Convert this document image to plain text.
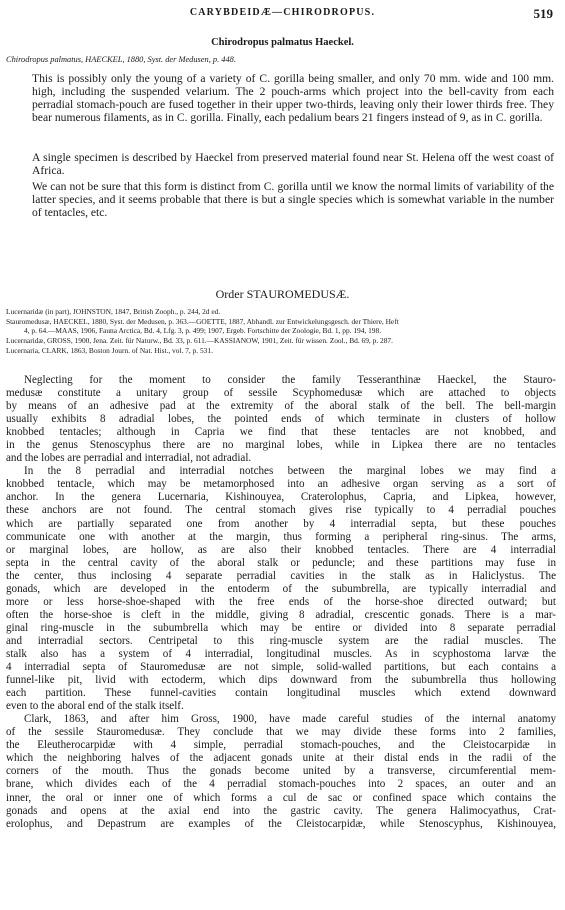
CARYBDEIDÆ—CHIRODROPUS.	519
Chirodropus palmatus Haeckel.
Chirodropus palmatus, HAECKEL, 1880, Syst. der Medusen, p. 448.
This is possibly only the young of a variety of C. gorilla being smaller, and only 70 mm. wide and 100 mm. high, including the suspended velarium. The 2 pouch-arms which project into the bell-cavity from each perradial stomach-pouch are fused together in their upper two-thirds, leaving only their lower thirds free. They bear numerous filaments, as in C. gorilla. Finally, each pedalium bears 21 fingers instead of 9, as in C. gorilla.
A single specimen is described by Haeckel from preserved material found near St. Helena off the west coast of Africa.
We can not be sure that this form is distinct from C. gorilla until we know the normal limits of variability of the latter species, and it seems probable that there is but a single species which is somewhat variable in the number of tentacles, etc.
Order STAUROMEDUSÆ.
Lucernaridæ (in part), JOHNSTON, 1847, British Zooph., p. 244, 2d ed.
Stauromedusæ, HAECKEL, 1880, Syst. der Medusen, p. 363.—GOETTE, 1887, Abhandl. zur Entwickelungsgesch. der Thiere, Heft
4, p. 64.—MAAS, 1906, Fauna Arctica, Bd. 4, Lfg. 3, p. 499; 1907, Ergeb. Fortschitte der Zoologie, Bd. 1, pp. 194, 198.
Lucernaridæ, GROSS, 1900, Jena. Zeit. für Naturw., Bd. 33, p. 611.—KASSIANOW, 1901, Zeit. für wissen. Zool., Bd. 69, p. 287.
Lucernaria, CLARK, 1863, Boston Journ. of Nat. Hist., vol. 7, p. 531.
Neglecting for the moment to consider the family Tesseranthinæ Haeckel, the Stauro-
medusæ constitute a unitary group of sessile Scyphomedusæ which are attached to objects
by means of an adhesive pad at the extremity of the aboral stalk of the bell. The bell-margin
usually exhibits 8 adradial lobes, the pointed ends of which terminate in clusters of hollow
knobbed tentacles; although in Capria we find that these tentacles are not knobbed, and
in the genus Stenoscyphus there are no marginal lobes, while in Lipkea there are no tentacles
and the lobes are perradial and interradial, not adradial.
In the 8 perradial and interradial notches between the marginal lobes we may find a
knobbed tentacle, which may be metamorphosed into an adhesive organ serving as a sort of
anchor. In the genera Lucernaria, Kishinouyea, Craterolophus, Capria, and Lipkea, however,
these anchors are not found. The central stomach gives rise typically to 4 perradial pouches
which are partially separated one from another by 4 interradial septa, but these pouches
communicate one with another at the margin, thus forming a peripheral ring-sinus. The arms,
or marginal lobes, are hollow, as are also their knobbed tentacles. There are 4 interradial
septa in the central cavity of the aboral stalk or peduncle; and these partitions may fuse in
the center, thus inclosing 4 separate perradial cavities in the stalk as in Haliclystus. The
gonads, which are developed in the entoderm of the subumbrella, are typically interradial and
more or less horse-shoe-shaped with the free ends of the horse-shoe directed outward; but
often the horse-shoe is cleft in the middle, giving 8 adradial, crescentic gonads. There is a mar-
ginal ring-muscle in the subumbrella which may be entire or divided into 8 separate perradial
and interradial sectors. Centripetal to this ring-muscle system are the radial muscles. The
stalk also has a system of 4 interradial, longitudinal muscles. As in scyphostoma larvæ the
4 interradial septa of Stauromedusæ are not simple, solid-walled partitions, but each contains a
funnel-like pit, livid with ectoderm, which dips downward from the subumbrella thus hollowing
each partition. These funnel-cavities contain longitudinal muscles which extend downward
even to the aboral end of the stalk itself.
Clark, 1863, and after him Gross, 1900, have made careful studies of the internal anatomy
of the sessile Stauromedusæ. They conclude that we may divide these forms into 2 families,
the Eleutherocarpidæ with 4 simple, perradial stomach-pouches, and the Cleistocarpidæ in
which the neighboring halves of the adjacent gonads unite at their distal ends in the radii of the
corners of the mouth. Thus the gonads become united by a transverse, circumferential mem-
brane, which divides each of the 4 perradial stomach-pouches into 2 spaces, an outer and an
inner, the oral or inner one of which forms a cul de sac or confined space which contains the
gonads and opens at the axial end into the gastric cavity. The genera Halimocyathus, Crat-
erolophus, and Depastrum are examples of the Cleistocarpidæ, while Stenoscyphus, Kishinouyea,
